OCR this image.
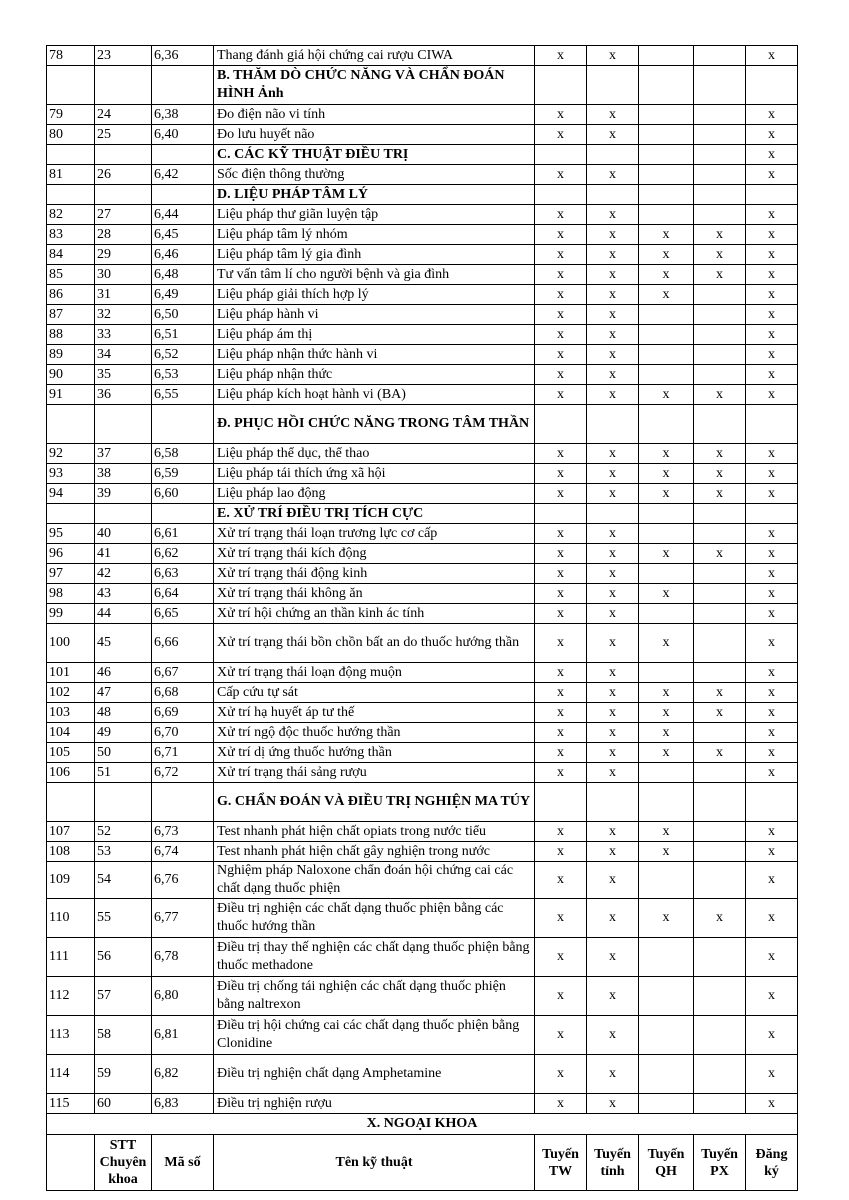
78	23	6,36	Thang đánh giá hội chứng cai rượu CIWA	x	x			x
			B. THĂM DÒ CHỨC NĂNG VÀ CHẨN ĐOÁN HÌNH Ảnh					
79	24	6,38	Đo điện não vi tính	x	x			x
80	25	6,40	Đo lưu huyết não	x	x			x
			C. CÁC KỸ THUẬT ĐIỀU TRỊ					x
81	26	6,42	Sốc điện thông thường	x	x			x
			D. LIỆU PHÁP TÂM LÝ					
82	27	6,44	Liệu pháp thư giãn luyện tập	x	x			x
83	28	6,45	Liệu pháp tâm lý nhóm	x	x	x	x	x
84	29	6,46	Liệu pháp tâm lý gia đình	x	x	x	x	x
85	30	6,48	Tư vấn tâm lí cho người bệnh và gia đình	x	x	x	x	x
86	31	6,49	Liệu pháp giải thích hợp lý	x	x	x		x
87	32	6,50	Liệu pháp hành vi	x	x			x
88	33	6,51	Liệu pháp ám thị	x	x			x
89	34	6,52	Liệu pháp nhận thức hành vi	x	x			x
90	35	6,53	Liệu pháp nhận thức	x	x			x
91	36	6,55	Liệu pháp kích hoạt hành vi (BA)	x	x	x	x	x
			Đ. PHỤC HỒI CHỨC NĂNG TRONG TÂM THẦN					
92	37	6,58	Liệu pháp thể dục, thể thao	x	x	x	x	x
93	38	6,59	Liệu pháp tái thích ứng xã hội	x	x	x	x	x
94	39	6,60	Liệu pháp lao động	x	x	x	x	x
			E. XỬ TRÍ ĐIỀU TRỊ TÍCH CỰC					
95	40	6,61	Xử trí trạng thái loạn trương lực cơ cấp	x	x			x
96	41	6,62	Xử trí trạng thái kích động	x	x	x	x	x
97	42	6,63	Xử trí trạng thái động kinh	x	x			x
98	43	6,64	Xử trí trạng thái không ăn	x	x	x		x
99	44	6,65	Xử trí hội chứng an thần kinh ác tính	x	x			x
100	45	6,66	Xử trí trạng thái bồn chồn bất an do thuốc hướng thần	x	x	x		x
101	46	6,67	Xử trí trạng thái loạn động muộn	x	x			x
102	47	6,68	Cấp cứu tự sát	x	x	x	x	x
103	48	6,69	Xử trí hạ huyết áp tư thế	x	x	x	x	x
104	49	6,70	Xử trí ngộ độc thuốc hướng thần	x	x	x		x
105	50	6,71	Xử trí dị ứng thuốc hướng thần	x	x	x	x	x
106	51	6,72	Xử trí trạng thái sảng rượu	x	x			x
			G. CHẨN ĐOÁN VÀ ĐIỀU TRỊ NGHIỆN MA TÚY					
107	52	6,73	Test nhanh phát hiện chất opiats trong nước tiểu	x	x	x		x
108	53	6,74	Test nhanh phát hiện chất gây nghiện trong nước	x	x	x		x
109	54	6,76	Nghiệm pháp Naloxone chẩn đoán hội chứng cai các chất dạng thuốc phiện	x	x			x
110	55	6,77	Điều trị nghiện các chất dạng thuốc phiện bằng các thuốc hướng thần	x	x	x	x	x
111	56	6,78	Điều trị thay thế nghiện các chất dạng thuốc phiện bằng thuốc methadone	x	x			x
112	57	6,80	Điều trị chống tái nghiện các chất dạng thuốc phiện bằng naltrexon	x	x			x
113	58	6,81	Điều trị hội chứng cai các chất dạng thuốc phiện bằng Clonidine	x	x			x
114	59	6,82	Điều trị nghiện chất dạng Amphetamine	x	x			x
115	60	6,83	Điều trị nghiện rượu	x	x			x
X. NGOẠI KHOA								
	STT Chuyên khoa	Mã số	Tên kỹ thuật	Tuyến TW	Tuyến tỉnh	Tuyến QH	Tuyến PX	Đăng ký
